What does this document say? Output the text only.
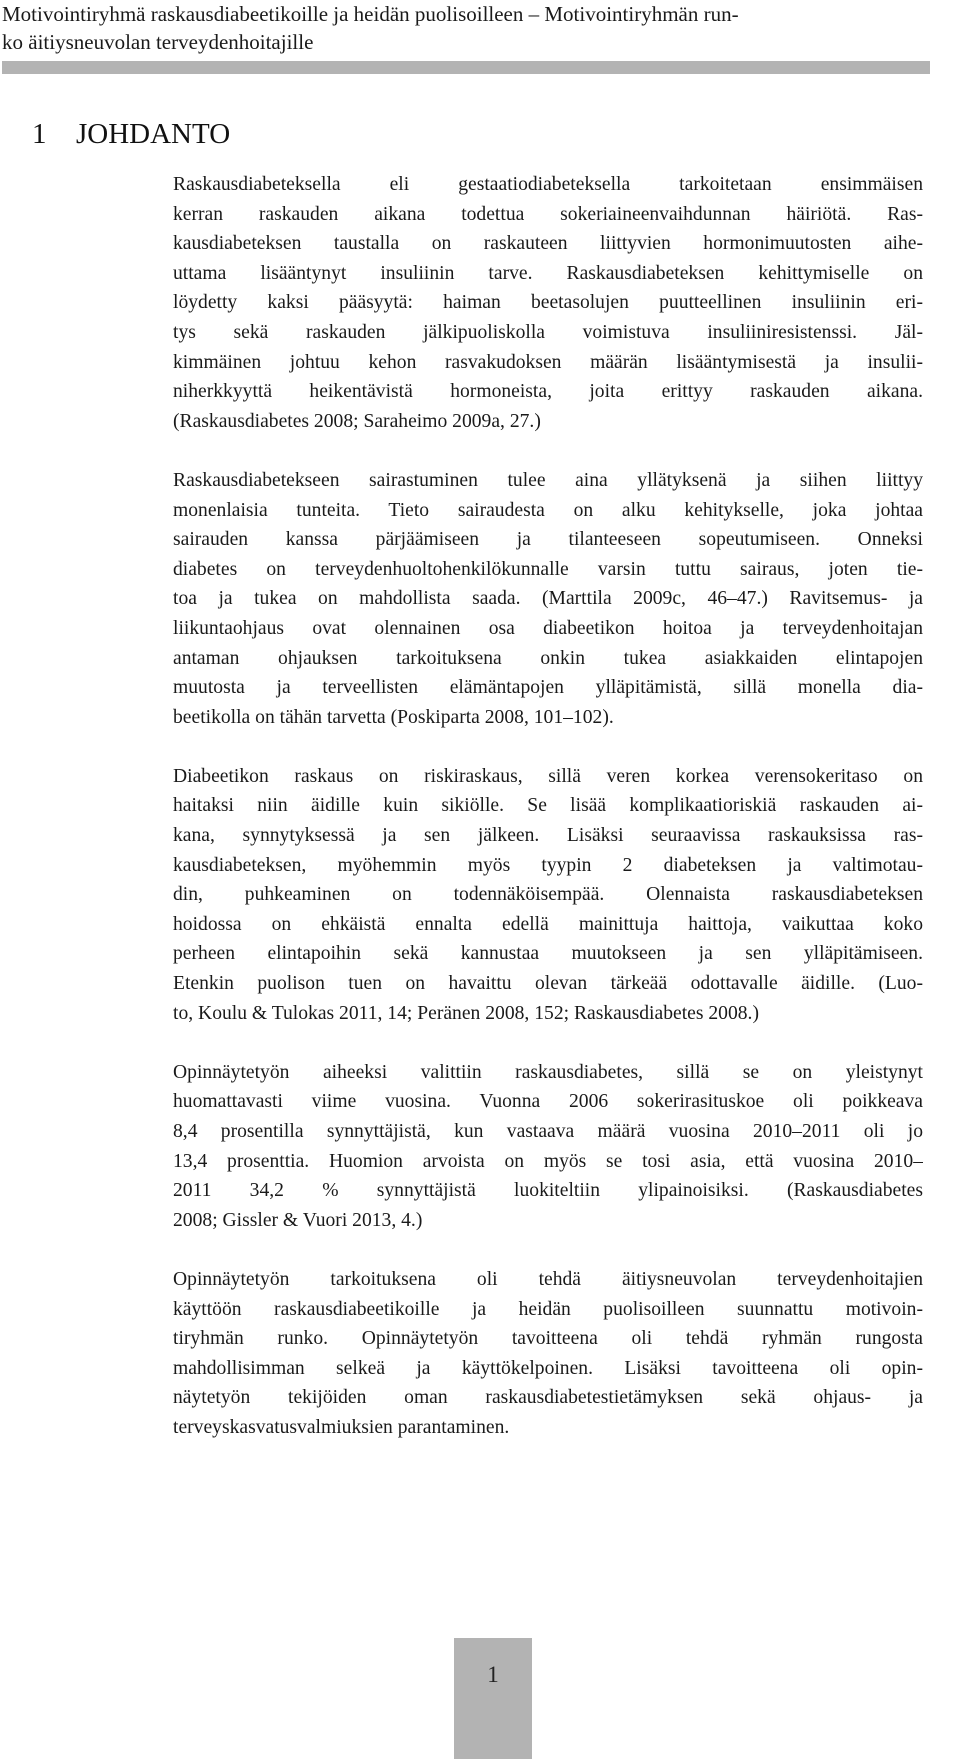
Motivointiryhmä raskausdiabeetikoille ja heidän puolisoilleen – Motivointiryhmän run-
ko äitiysneuvolan terveydenhoitajille
1 JOHDANTO
Raskausdiabeteksella eli gestaatiodiabeteksella tarkoitetaan ensimmäisen
kerran raskauden aikana todettua sokeriaineenvaihdunnan häiriötä. Ras-
kausdiabeteksen taustalla on raskauteen liittyvien hormonimuutosten aihe-
uttama lisääntynyt insuliinin tarve. Raskausdiabeteksen kehittymiselle on
löydetty kaksi pääsyytä: haiman beetasolujen puutteellinen insuliinin eri-
tys sekä raskauden jälkipuoliskolla voimistuva insuliiniresistenssi. Jäl-
kimmäinen johtuu kehon rasvakudoksen määrän lisääntymisestä ja insulii-
niherkkyyttä heikentävistä hormoneista, joita erittyy raskauden aikana.
(Raskausdiabetes 2008; Saraheimo 2009a, 27.)
Raskausdiabetekseen sairastuminen tulee aina yllätyksenä ja siihen liittyy
monenlaisia tunteita. Tieto sairaudesta on alku kehitykselle, joka johtaa
sairauden kanssa pärjäämiseen ja tilanteeseen sopeutumiseen. Onneksi
diabetes on terveydenhuoltohenkilökunnalle varsin tuttu sairaus, joten tie-
toa ja tukea on mahdollista saada. (Marttila 2009c, 46–47.) Ravitsemus- ja
liikuntaohjaus ovat olennainen osa diabeetikon hoitoa ja terveydenhoitajan
antaman ohjauksen tarkoituksena onkin tukea asiakkaiden elintapojen
muutosta ja terveellisten elämäntapojen ylläpitämistä, sillä monella dia-
beetikolla on tähän tarvetta (Poskiparta 2008, 101–102).
Diabeetikon raskaus on riskiraskaus, sillä veren korkea verensokeritaso on
haitaksi niin äidille kuin sikiölle. Se lisää komplikaatioriskiä raskauden ai-
kana, synnytyksessä ja sen jälkeen. Lisäksi seuraavissa raskauksissa ras-
kausdiabeteksen, myöhemmin myös tyypin 2 diabeteksen ja valtimotau-
din, puhkeaminen on todennäköisempää. Olennaista raskausdiabeteksen
hoidossa on ehkäistä ennalta edellä mainittuja haittoja, vaikuttaa koko
perheen elintapoihin sekä kannustaa muutokseen ja sen ylläpitämiseen.
Etenkin puolison tuen on havaittu olevan tärkeää odottavalle äidille. (Luo-
to, Koulu & Tulokas 2011, 14; Peränen 2008, 152; Raskausdiabetes 2008.)
Opinnäytetyön aiheeksi valittiin raskausdiabetes, sillä se on yleistynyt
huomattavasti viime vuosina. Vuonna 2006 sokerirasituskoe oli poikkeava
8,4 prosentilla synnyttäjistä, kun vastaava määrä vuosina 2010–2011 oli jo
13,4 prosenttia. Huomion arvoista on myös se tosi asia, että vuosina 2010–
2011 34,2 % synnyttäjistä luokiteltiin ylipainoisiksi. (Raskausdiabetes
2008; Gissler & Vuori 2013, 4.)
Opinnäytetyön tarkoituksena oli tehdä äitiysneuvolan terveydenhoitajien
käyttöön raskausdiabeetikoille ja heidän puolisoilleen suunnattu motivoin-
tiryhmän runko. Opinnäytetyön tavoitteena oli tehdä ryhmän rungosta
mahdollisimman selkeä ja käyttökelpoinen. Lisäksi tavoitteena oli opin-
näytetyön tekijöiden oman raskausdiabetestietämyksen sekä ohjaus- ja
terveyskasvatusvalmiuksien parantaminen.
1
